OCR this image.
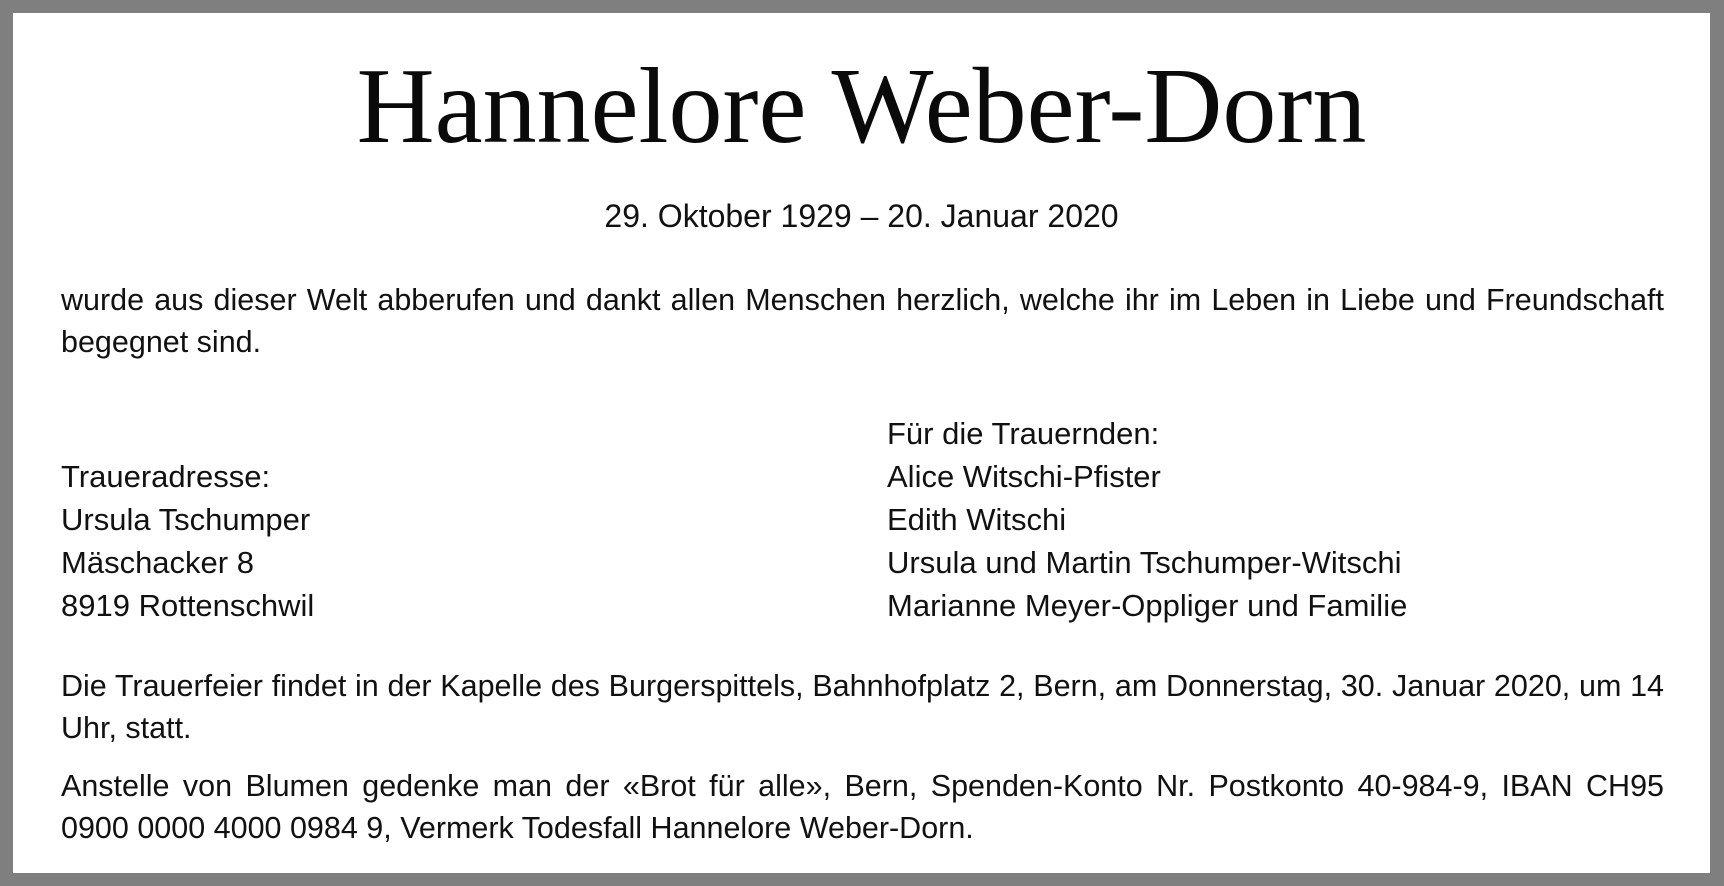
Hannelore Weber-Dorn

29. Oktober 1929 – 20. Januar 2020

wurde aus dieser Welt abberufen und dankt allen Menschen herzlich, welche ihr im Leben in Liebe und Freundschaft begegnet sind.

Traueradresse:
Ursula Tschumper
Mäschacker 8
8919 Rottenschwil
Für die Trauernden:
Alice Witschi-Pfister
Edith Witschi
Ursula und Martin Tschumper-Witschi
Marianne Meyer-Oppliger und Familie

Die Trauerfeier findet in der Kapelle des Burgerspittels, Bahnhofplatz 2, Bern, am Donnerstag, 30. Januar 2020, um 14 Uhr, statt.

Anstelle von Blumen gedenke man der «Brot für alle», Bern, Spenden-Konto Nr. Postkonto 40-984-9, IBAN CH95 0900 0000 4000 0984 9, Vermerk Todesfall Hannelore Weber-Dorn.
